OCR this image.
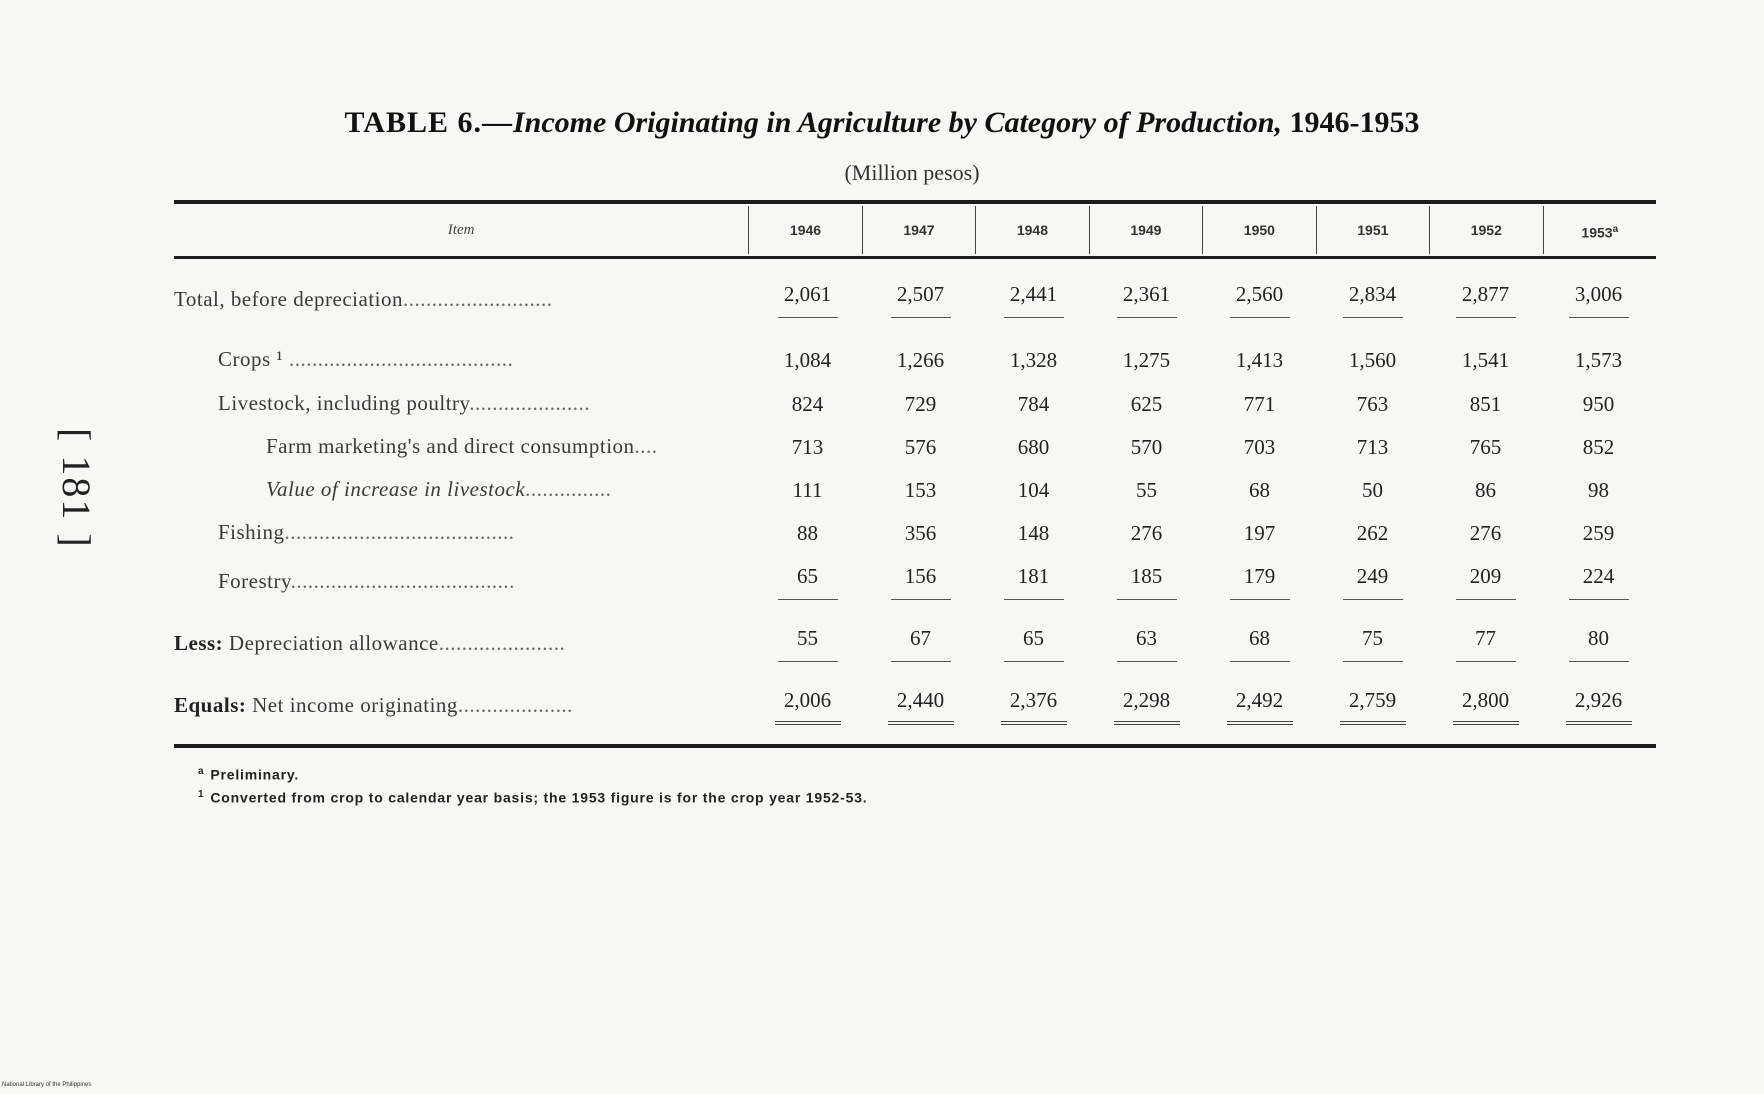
[ 181 ]
TABLE 6.—Income Originating in Agriculture by Category of Production, 1946-1953
(Million pesos)
Item	1946	1947	1948	1949	1950	1951	1952	1953$^a$
Total, before depreciation..........................	2,061	2,507	2,441	2,361	2,560	2,834	2,877	3,006
Crops ¹ .......................................	1,084	1,266	1,328	1,275	1,413	1,560	1,541	1,573
Livestock, including poultry.....................	824	729	784	625	771	763	851	950
Farm marketing's and direct consumption....	713	576	680	570	703	713	765	852
Value of increase in livestock...............	111	153	104	55	68	50	86	98
Fishing........................................	88	356	148	276	197	262	276	259
Forestry.......................................	65	156	181	185	179	249	209	224
Less: Depreciation allowance......................	55	67	65	63	68	75	77	80
Equals: Net income originating....................	2,006	2,440	2,376	2,298	2,492	2,759	2,800	2,926
$^a$ Preliminary.
$^1$ Converted from crop to calendar year basis; the 1953 figure is for the crop year 1952-53.
National Library of the Philippines
